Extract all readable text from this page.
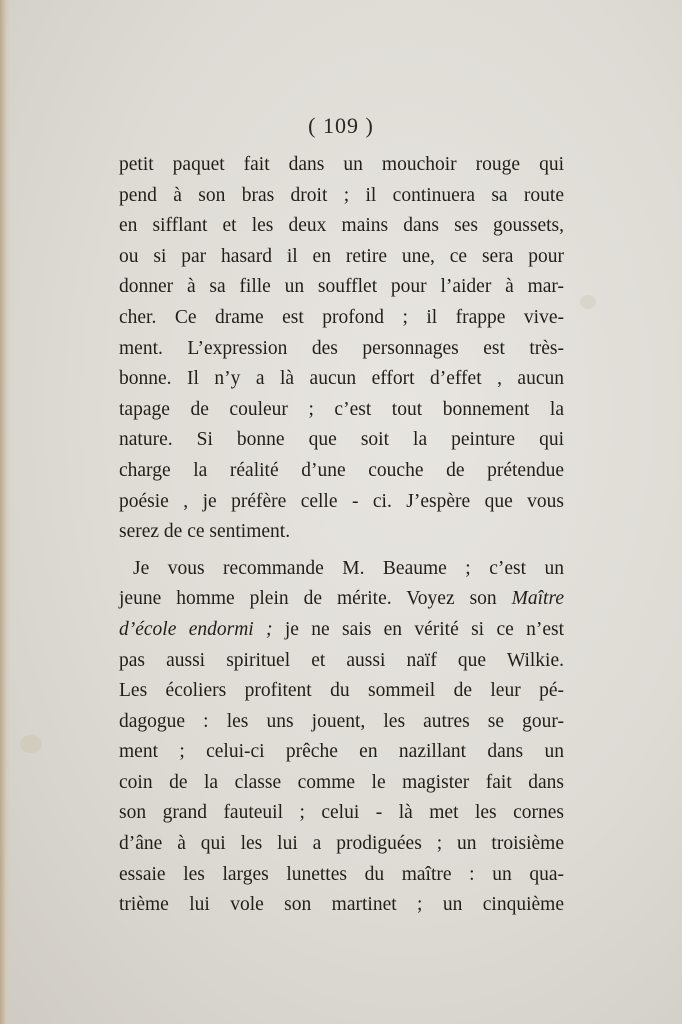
( 109 )
petit paquet fait dans un mouchoir rouge qui
pend à son bras droit ; il continuera sa route
en sifflant et les deux mains dans ses goussets,
ou si par hasard il en retire une, ce sera pour
donner à sa fille un soufflet pour l’aider à mar-
cher. Ce drame est profond ; il frappe vive-
ment. L’expression des personnages est très-
bonne. Il n’y a là aucun effort d’effet , aucun
tapage de couleur ; c’est tout bonnement la
nature. Si bonne que soit la peinture qui
charge la réalité d’une couche de prétendue
poésie , je préfère celle - ci. J’espère que vous
serez de ce sentiment.
Je vous recommande M. Beaume ; c’est un
jeune homme plein de mérite. Voyez son Maître
d’école endormi ; je ne sais en vérité si ce n’est
pas aussi spirituel et aussi naïf que Wilkie.
Les écoliers profitent du sommeil de leur pé-
dagogue : les uns jouent, les autres se gour-
ment ; celui-ci prêche en nazillant dans un
coin de la classe comme le magister fait dans
son grand fauteuil ; celui - là met les cornes
d’âne à qui les lui a prodiguées ; un troisième
essaie les larges lunettes du maître : un qua-
trième lui vole son martinet ; un cinquième
